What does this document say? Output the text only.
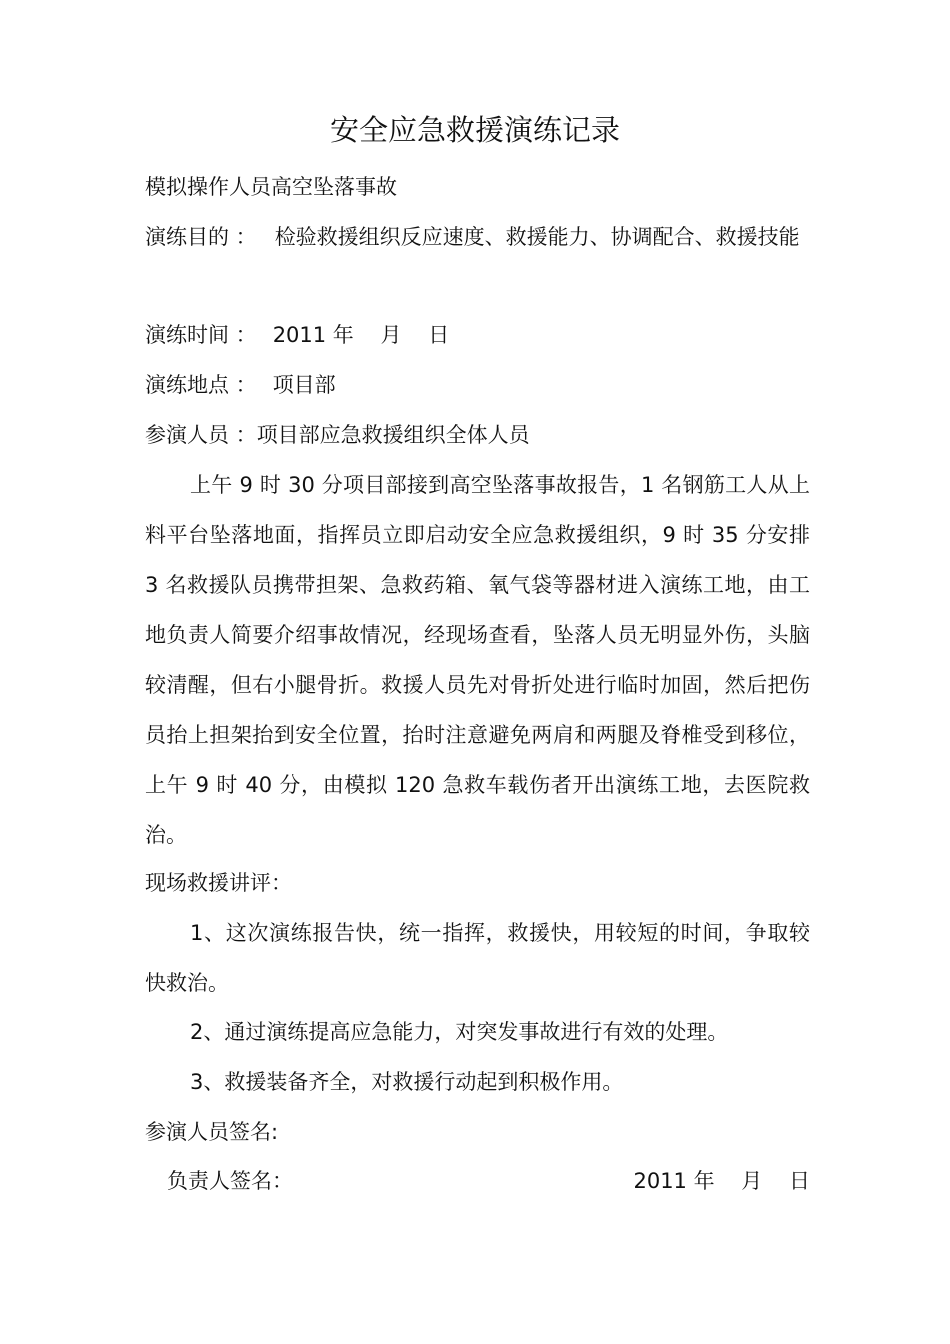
安全应急救援演练记录
模拟操作人员高空坠落事故
演练目的 ： 检验救援组织反应速度、救援能力、协调配合、救援技能
演练时间 ： 2011 年    月    日
演练地点 ： 项目部
参演人员 ：项目部应急救援组织全体人员
上午 9 时 30 分项目部接到高空坠落事故报告，1 名钢筋工人从上料平台坠落地面，指挥员立即启动安全应急救援组织，9 时 35 分安排 3 名救援队员携带担架、急救药箱、氧气袋等器材进入演练工地，由工地负责人简要介绍事故情况，经现场查看，坠落人员无明显外伤，头脑较清醒，但右小腿骨折。救援人员先对骨折处进行临时加固，然后把伤员抬上担架抬到安全位置，抬时注意避免两肩和两腿及脊椎受到移位，上午 9 时 40 分，由模拟 120 急救车载伤者开出演练工地，去医院救治。
现场救援讲评：
1、这次演练报告快，统一指挥，救援快，用较短的时间，争取较快救治。
2、通过演练提高应急能力，对突发事故进行有效的处理。
3、救援装备齐全，对救援行动起到积极作用。
参演人员签名:
负责人签名：	2011 年    月    日
